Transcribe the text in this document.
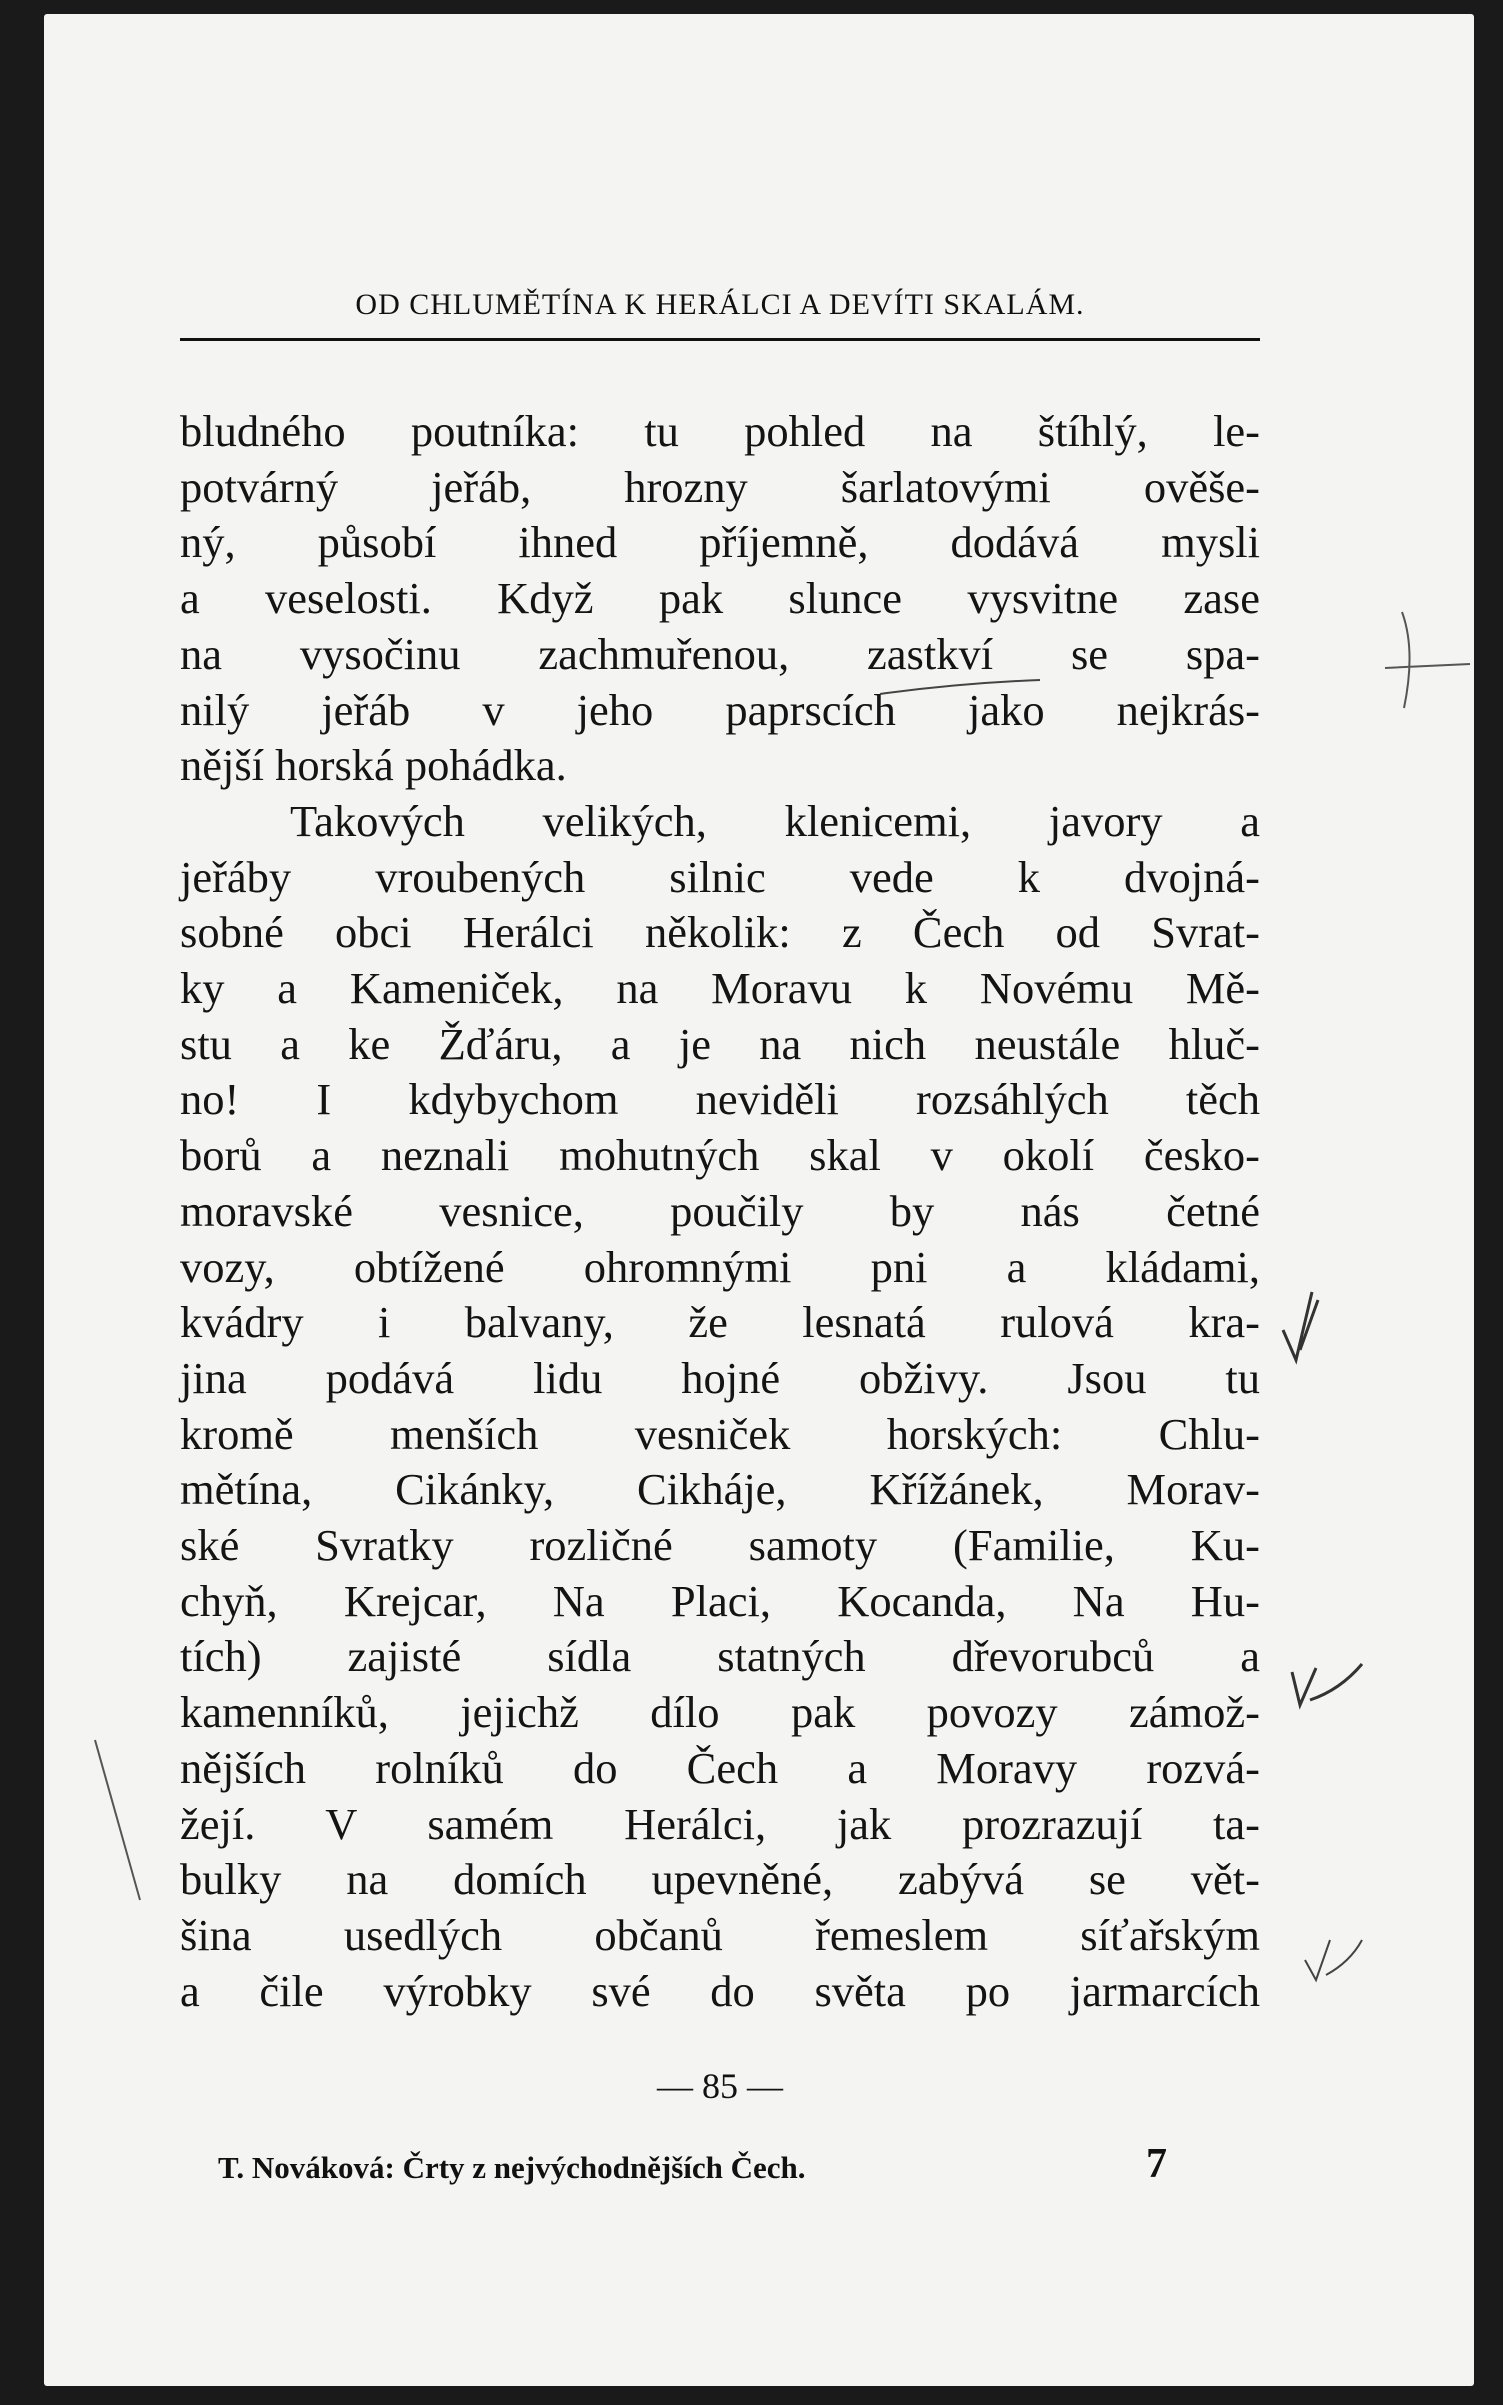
OD CHLUMĚTÍNA K HERÁLCI A DEVÍTI SKALÁM.
bludného poutníka: tu pohled na štíhlý, le-
potvárný jeřáb, hrozny šarlatovými ověše-
ný, působí ihned příjemně, dodává mysli
a veselosti. Když pak slunce vysvitne zase
na vysočinu zachmuřenou, zastkví se spa-
nilý jeřáb v jeho paprscích jako nejkrás-
nější horská pohádka.
Takových velikých, klenicemi, javory a
jeřáby vroubených silnic vede k dvojná-
sobné obci Herálci několik: z Čech od Svrat-
ky a Kameniček, na Moravu k Novému Mě-
stu a ke Žďáru, a je na nich neustále hluč-
no! I kdybychom neviděli rozsáhlých těch
borů a neznali mohutných skal v okolí česko-
moravské vesnice, poučily by nás četné
vozy, obtížené ohromnými pni a kládami,
kvádry i balvany, že lesnatá rulová kra-
jina podává lidu hojné obživy. Jsou tu
kromě menších vesniček horských: Chlu-
mětína, Cikánky, Cikháje, Křížánek, Morav-
ské Svratky rozličné samoty (Familie, Ku-
chyň, Krejcar, Na Placi, Kocanda, Na Hu-
tích) zajisté sídla statných dřevorubců a
kamenníků, jejichž dílo pak povozy zámož-
nějších rolníků do Čech a Moravy rozvá-
žejí. V samém Herálci, jak prozrazují ta-
bulky na domích upevněné, zabývá se vět-
šina usedlých občanů řemeslem síťařským
a čile výrobky své do světa po jarmarcích
— 85 —
T. Nováková: Črty z nejvýchodnějších Čech.	7
